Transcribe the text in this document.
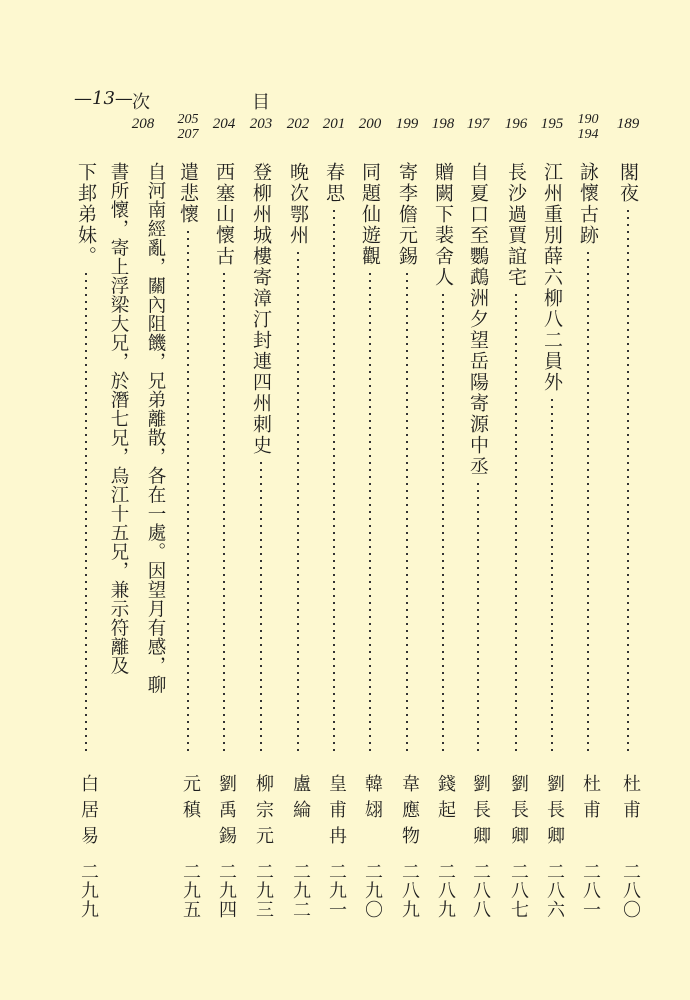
—13— 次	目
189
閣夜
杜甫
二八〇
190
194
詠懷古跡
杜甫
二八一
195
江州重別薛六柳八二員外
劉長卿
二八六
196
長沙過賈誼宅
劉長卿
二八七
197
自夏口至鸚鵡洲夕望岳陽寄源中丞
劉長卿
二八八
198
贈闕下裴舍人
錢起
二八九
199
寄李儋元錫
韋應物
二八九
200
同題仙遊觀
韓翃
二九〇
201
春思
皇甫冉
二九一
202
晚次鄂州
盧綸
二九二
203
登柳州城樓寄漳汀封連四州刺史
柳宗元
二九三
204
西塞山懷古
劉禹錫
二九四
205
207
遣悲懷
元稹
二九五
208
自河南經亂，關內阻饑，兄弟離散，各在一處。因望月有感，聊
書所懷，寄上浮梁大兄，於潛七兄，烏江十五兄，兼示符離及
下邽弟妹。
白居易
二九九
